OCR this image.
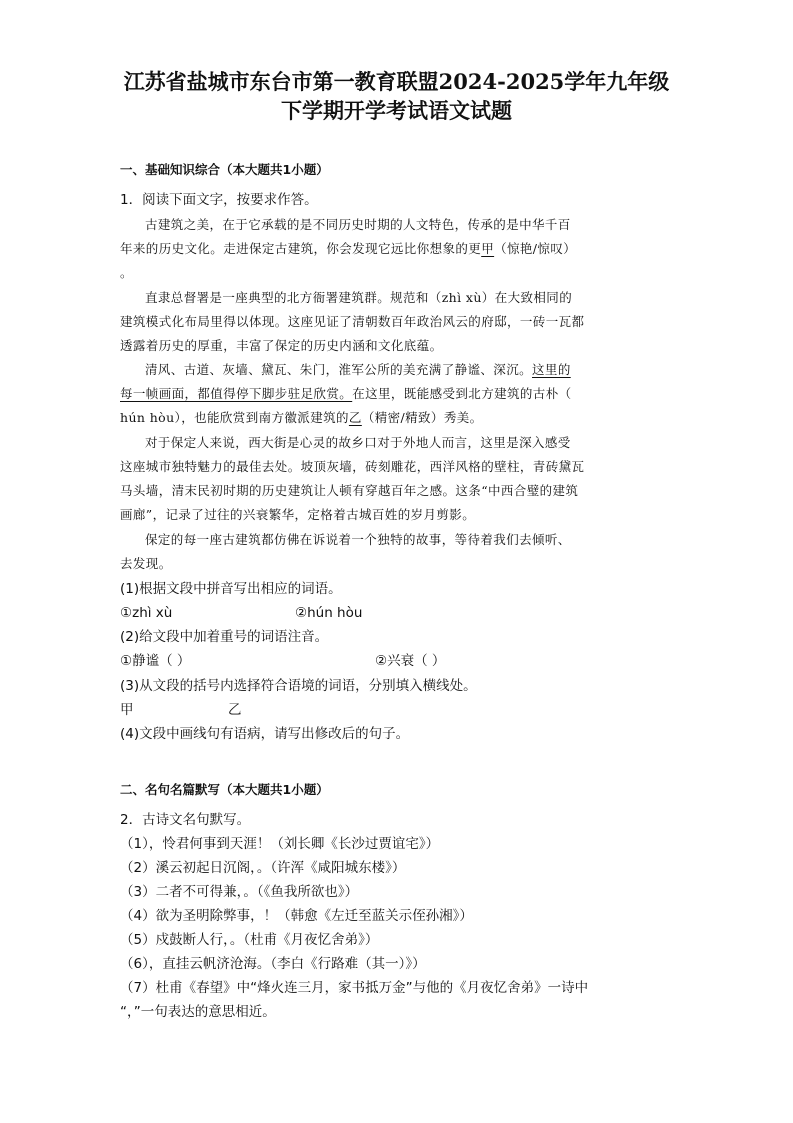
江苏省盐城市东台市第一教育联盟2024-2025学年九年级
下学期开学考试语文试题
一、基础知识综合（本大题共1小题）
1．阅读下面文字，按要求作答。
古建筑之美，在于它承载的是不同历史时期的人文特色，传承的是中华千百
年来的历史文化。走进保定古建筑，你会发现它远比你想象的更甲（惊艳/惊叹）
。
直隶总督署是一座典型的北方衙署建筑群。规范和（zhì xù）在大致相同的
建筑模式化布局里得以体现。这座见证了清朝数百年政治风云的府邸，一砖一瓦都
透露着历史的厚重，丰富了保定的历史内涵和文化底蕴。
清风、古道、灰墙、黛瓦、朱门，淮军公所的美充满了静谧、深沉。这里的
每一帧画面，都值得停下脚步驻足欣赏。在这里，既能感受到北方建筑的古朴（
hún hòu），也能欣赏到南方徽派建筑的乙（精密/精致）秀美。
对于保定人来说，西大街是心灵的故乡口对于外地人而言，这里是深入感受
这座城市独特魅力的最佳去处。坡顶灰墙，砖刻雕花，西洋风格的壁柱，青砖黛瓦
马头墙，清末民初时期的历史建筑让人顿有穿越百年之感。这条“中西合璧的建筑
画廊”，记录了过往的兴衰繁华，定格着古城百姓的岁月剪影。
保定的每一座古建筑都仿佛在诉说着一个独特的故事，等待着我们去倾听、
去发现。
(1)根据文段中拼音写出相应的词语。
①zhì xù	②hún hòu
(2)给文段中加着重号的词语注音。
①静谧（ ）	②兴衰（ ）
(3)从文段的括号内选择符合语境的词语，分别填入横线处。
甲	乙
(4)文段中画线句有语病，请写出修改后的句子。
二、名句名篇默写（本大题共1小题）
2．古诗文名句默写。
（1），怜君何事到天涯！（刘长卿《长沙过贾谊宅》）
（2）溪云初起日沉阁，。（许浑《咸阳城东楼》）
（3）二者不可得兼，。（《鱼我所欲也》）
（4）欲为圣明除弊事，！（韩愈《左迁至蓝关示侄孙湘》）
（5）戍鼓断人行，。（杜甫《月夜忆舍弟》）
（6），直挂云帆济沧海。（李白《行路难（其一）》）
（7）杜甫《春望》中“烽火连三月，家书抵万金”与他的《月夜忆舍弟》一诗中
“，”一句表达的意思相近。
